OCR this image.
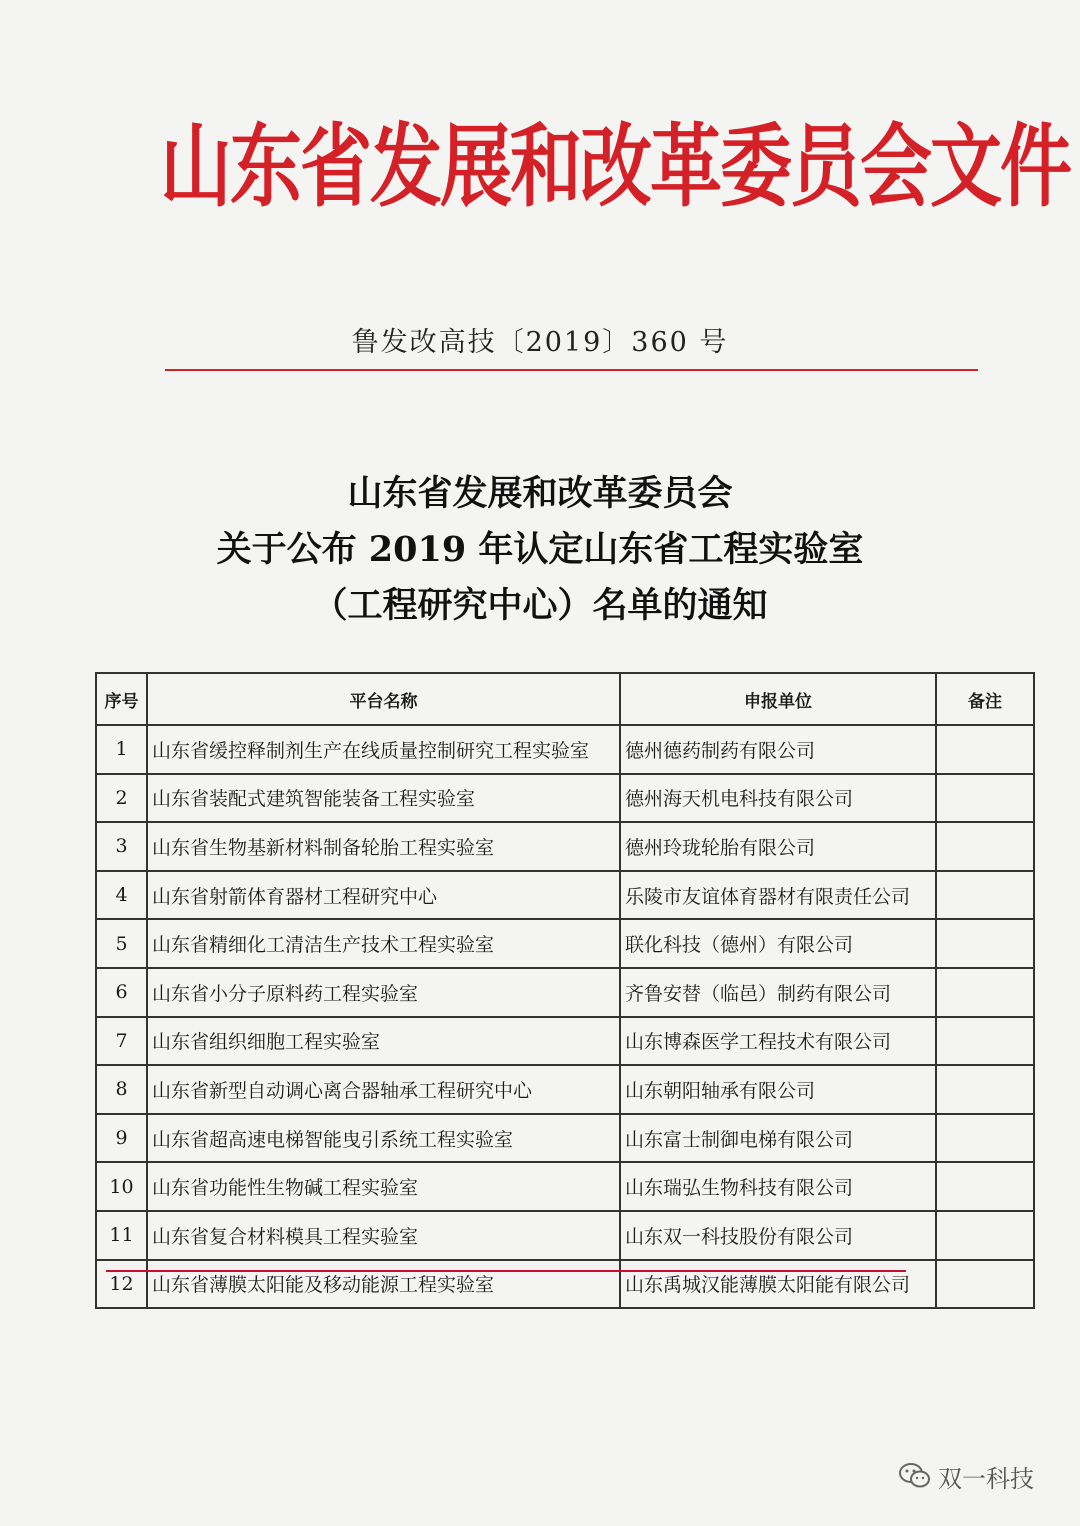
山东省发展和改革委员会文件
鲁发改高技〔2019〕360 号
山东省发展和改革委员会
关于公布 2019 年认定山东省工程实验室
（工程研究中心）名单的通知
序号	平台名称	申报单位	备注
1	山东省缓控释制剂生产在线质量控制研究工程实验室	德州德药制药有限公司	
2	山东省装配式建筑智能装备工程实验室	德州海天机电科技有限公司	
3	山东省生物基新材料制备轮胎工程实验室	德州玲珑轮胎有限公司	
4	山东省射箭体育器材工程研究中心	乐陵市友谊体育器材有限责任公司	
5	山东省精细化工清洁生产技术工程实验室	联化科技（德州）有限公司	
6	山东省小分子原料药工程实验室	齐鲁安替（临邑）制药有限公司	
7	山东省组织细胞工程实验室	山东博森医学工程技术有限公司	
8	山东省新型自动调心离合器轴承工程研究中心	山东朝阳轴承有限公司	
9	山东省超高速电梯智能曳引系统工程实验室	山东富士制御电梯有限公司	
10	山东省功能性生物碱工程实验室	山东瑞弘生物科技有限公司	
11	山东省复合材料模具工程实验室	山东双一科技股份有限公司	
12	山东省薄膜太阳能及移动能源工程实验室	山东禹城汉能薄膜太阳能有限公司	
双一科技
